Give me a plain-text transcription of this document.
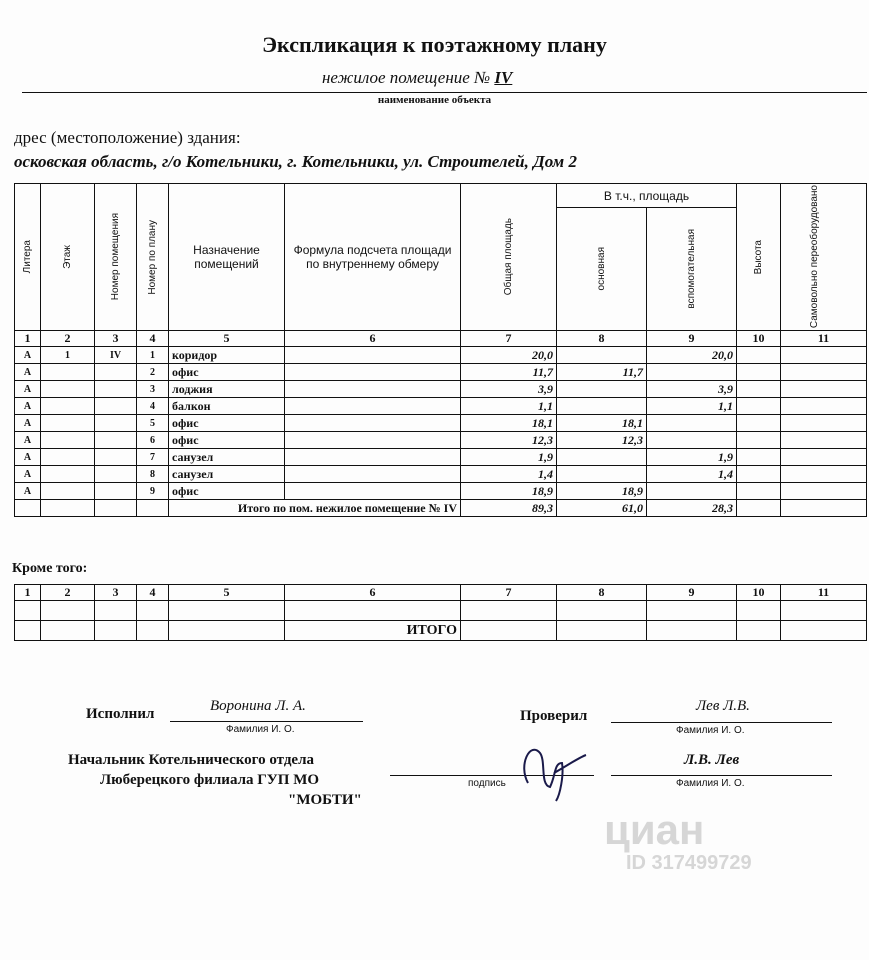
Экспликация к поэтажному плану
нежилое помещение № IV
наименование объекта
дрес (местоположение) здания:
осковская область, г/о Котельники, г. Котельники, ул. Строителей, Дом 2
Литера	Этаж	Номер помещения	Номер по плану	Назначение помещений	Формула подсчета площади по внутреннему обмеру	Общая площадь	В т.ч., площадь		Высота	Самовольно переоборудовано

							основная	вспомогательная		

1	2	3	4	5	6	7	8	9	10	11
А	1	IV	1	коридор		20,0		20,0		
А			2	офис		11,7	11,7			
А			3	лоджия		3,9		3,9		
А			4	балкон		1,1		1,1		
А			5	офис		18,1	18,1			
А			6	офис		12,3	12,3			
А			7	санузел		1,9		1,9		
А			8	санузел		1,4		1,4		
А			9	офис		18,9	18,9			
				Итого по пом. нежилое помещение № IV		89,3	61,0	28,3		
Кроме того:
1	2	3	4	5	6	7	8	9	10	11

					ИТОГО					
Исполнил	Воронина Л. А.
Фамилия И. О.
Проверил
Лев Л.В.
Фамилия И. О.
Начальник Котельнического отдела
Люберецкого филиала ГУП МО
"МОБТИ"
подпись
Л.В. Лев
Фамилия И. О.
циан
ID 317499729
